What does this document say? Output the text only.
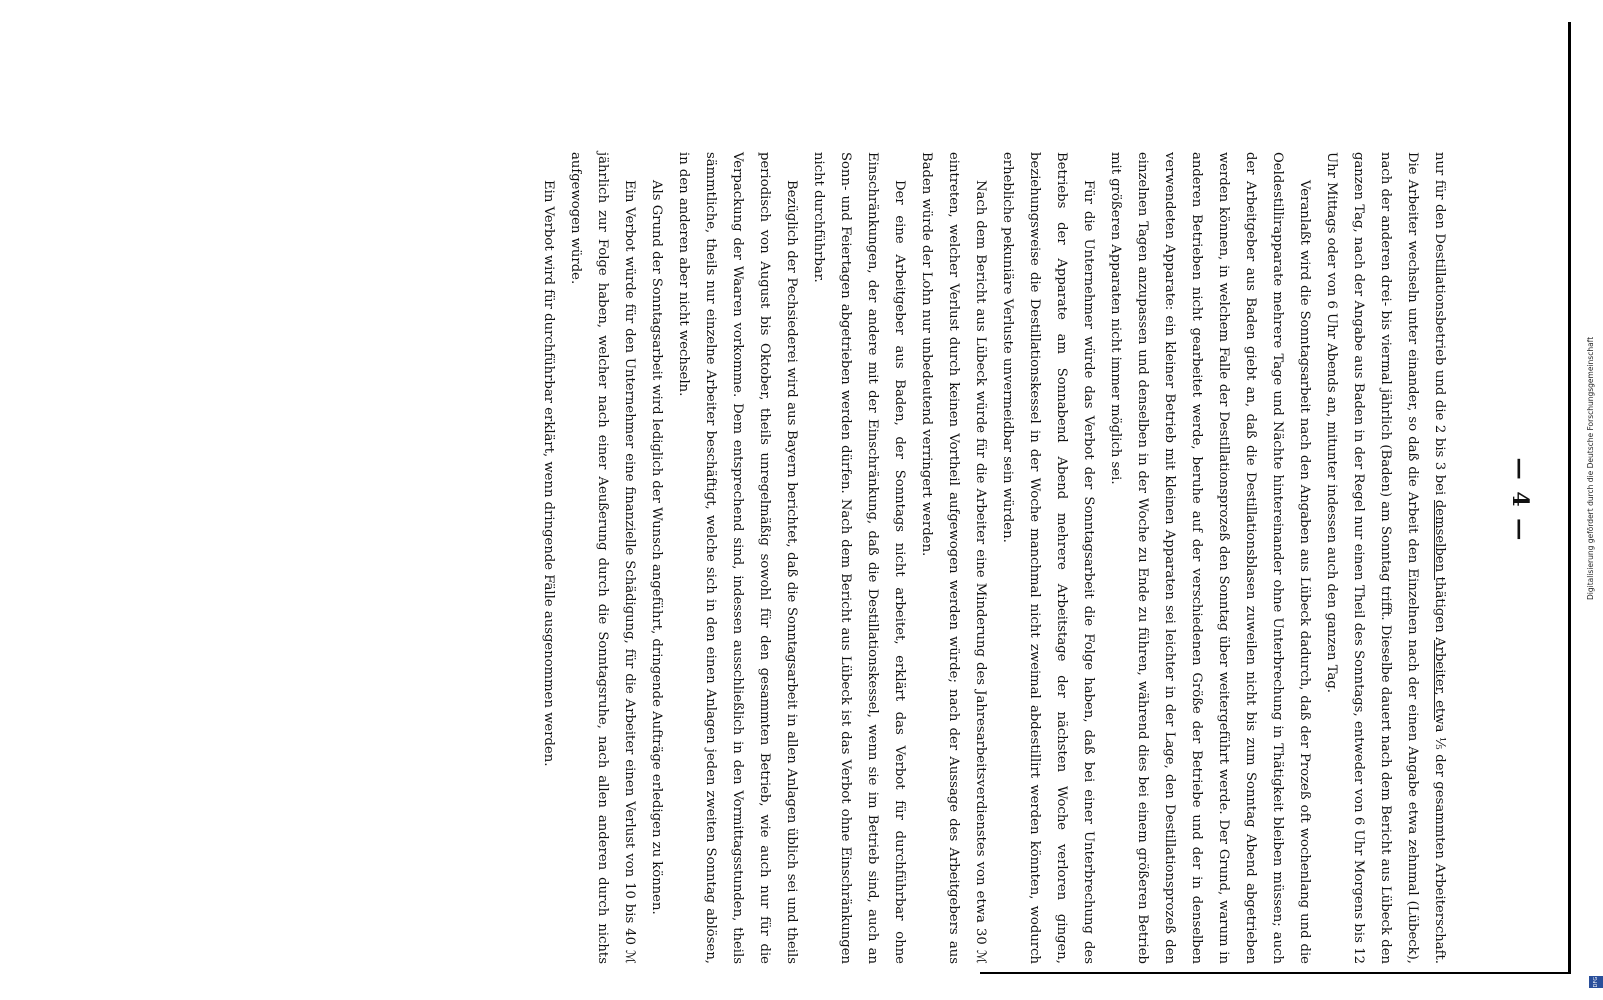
— 4 —

nur für den Destillationsbetrieb und die 2 bis 3 bei demselben thätigen Arbeiter, etwa ⅕ der gesammten Arbeiterschaft. Die Arbeiter wechseln unter einander, so daß die Arbeit den Einzelnen nach der einen Angabe etwa zehnmal (Lübeck), nach der anderen drei- bis viermal jährlich (Baden) am Sonntag trifft. Dieselbe dauert nach dem Bericht aus Lübeck den ganzen Tag, nach der Angabe aus Baden in der Regel nur einen Theil des Sonntags, entweder von 6 Uhr Morgens bis 12 Uhr Mittags oder von 6 Uhr Abends an, mitunter indessen auch den ganzen Tag.

Veranlaßt wird die Sonntagsarbeit nach den Angaben aus Lübeck dadurch, daß der Prozeß oft wochenlang und die Oeldestillirapparate mehrere Tage und Nächte hintereinander ohne Unterbrechung in Thätigkeit bleiben müssen; auch der Arbeitgeber aus Baden giebt an, daß die Destillationsblasen zuweilen nicht bis zum Sonntag Abend abgetrieben werden können, in welchem Falle der Destillationsprozeß den Sonntag über weitergeführt werde. Der Grund, warum in anderen Betrieben nicht gearbeitet werde, beruhe auf der verschiedenen Größe der Betriebe und der in denselben verwendeten Apparate: ein kleiner Betrieb mit kleinen Apparaten sei leichter in der Lage, den Destillationsprozeß den einzelnen Tagen anzupassen und denselben in der Woche zu Ende zu führen, während dies bei einem größeren Betrieb mit größeren Apparaten nicht immer möglich sei.

Für die Unternehmer würde das Verbot der Sonntagsarbeit die Folge haben, daß bei einer Unterbrechung des Betriebs der Apparate am Sonnabend Abend mehrere Arbeitstage der nächsten Woche verloren gingen, beziehungsweise die Destillationskessel in der Woche manchmal nicht zweimal abdestillirt werden könnten, wodurch erhebliche pekuniäre Verluste unvermeidbar sein würden.

Nach dem Bericht aus Lübeck würde für die Arbeiter eine Minderung des Jahresarbeitsverdienstes von etwa 30 ℳ eintreten, welcher Verlust durch keinen Vortheil aufgewogen werden würde; nach der Aussage des Arbeitgebers aus Baden würde der Lohn nur unbedeutend verringert werden.

Der eine Arbeitgeber aus Baden, der Sonntags nicht arbeitet, erklärt das Verbot für durchführbar ohne Einschränkungen, der andere mit der Einschränkung, daß die Destillationskessel, wenn sie im Betrieb sind, auch an Sonn- und Feiertagen abgetrieben werden dürfen. Nach dem Bericht aus Lübeck ist das Verbot ohne Einschränkungen nicht durchführbar.

Bezüglich der Pechsiederei wird aus Bayern berichtet, daß die Sonntagsarbeit in allen Anlagen üblich sei und theils periodisch von August bis Oktober, theils unregelmäßig sowohl für den gesammten Betrieb, wie auch nur für die Verpackung der Waaren vorkomme. Dem entsprechend sind, indessen ausschließlich in den Vormittagsstunden, theils sämmtliche, theils nur einzelne Arbeiter beschäftigt, welche sich in den einen Anlagen jeden zweiten Sonntag ablösen, in den anderen aber nicht wechseln.

Als Grund der Sonntagsarbeit wird lediglich der Wunsch angeführt, dringende Aufträge erledigen zu können.

Ein Verbot würde für den Unternehmer eine finanzielle Schädigung, für die Arbeiter einen Verlust von 10 bis 40 ℳ jährlich zur Folge haben, welcher nach einer Aeußerung durch die Sonntagsruhe, nach allen anderen durch nichts aufgewogen würde.

Ein Verbot wird für durchführbar erklärt, wenn dringende Fälle ausgenommen werden.	Digitalisierung gefördert durch die Deutsche Forschungsgemeinschaft
DFG
